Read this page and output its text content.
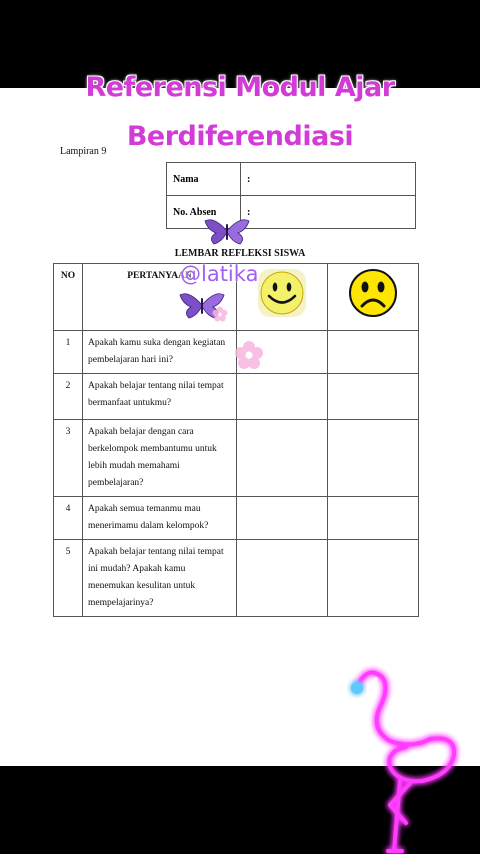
Referensi Modul Ajar
Berdiferendiasi
Lampiran 9
Nama	:
No. Absen	:
LEMBAR REFLEKSI SISWA
NO	PERTANYAAN	

1	Apakah kamu suka dengan kegiatan pembelajaran hari ini?		
2	Apakah belajar tentang nilai tempat bermanfaat untukmu?		
3	Apakah belajar dengan cara berkelompok membantumu untuk lebih mudah memahami pembelajaran?		
4	Apakah semua temanmu mau menerimamu dalam kelompok?		
5	Apakah belajar tentang nilai tempat ini mudah? Apakah kamu menemukan kesulitan untuk mempelajarinya?		
@latika
